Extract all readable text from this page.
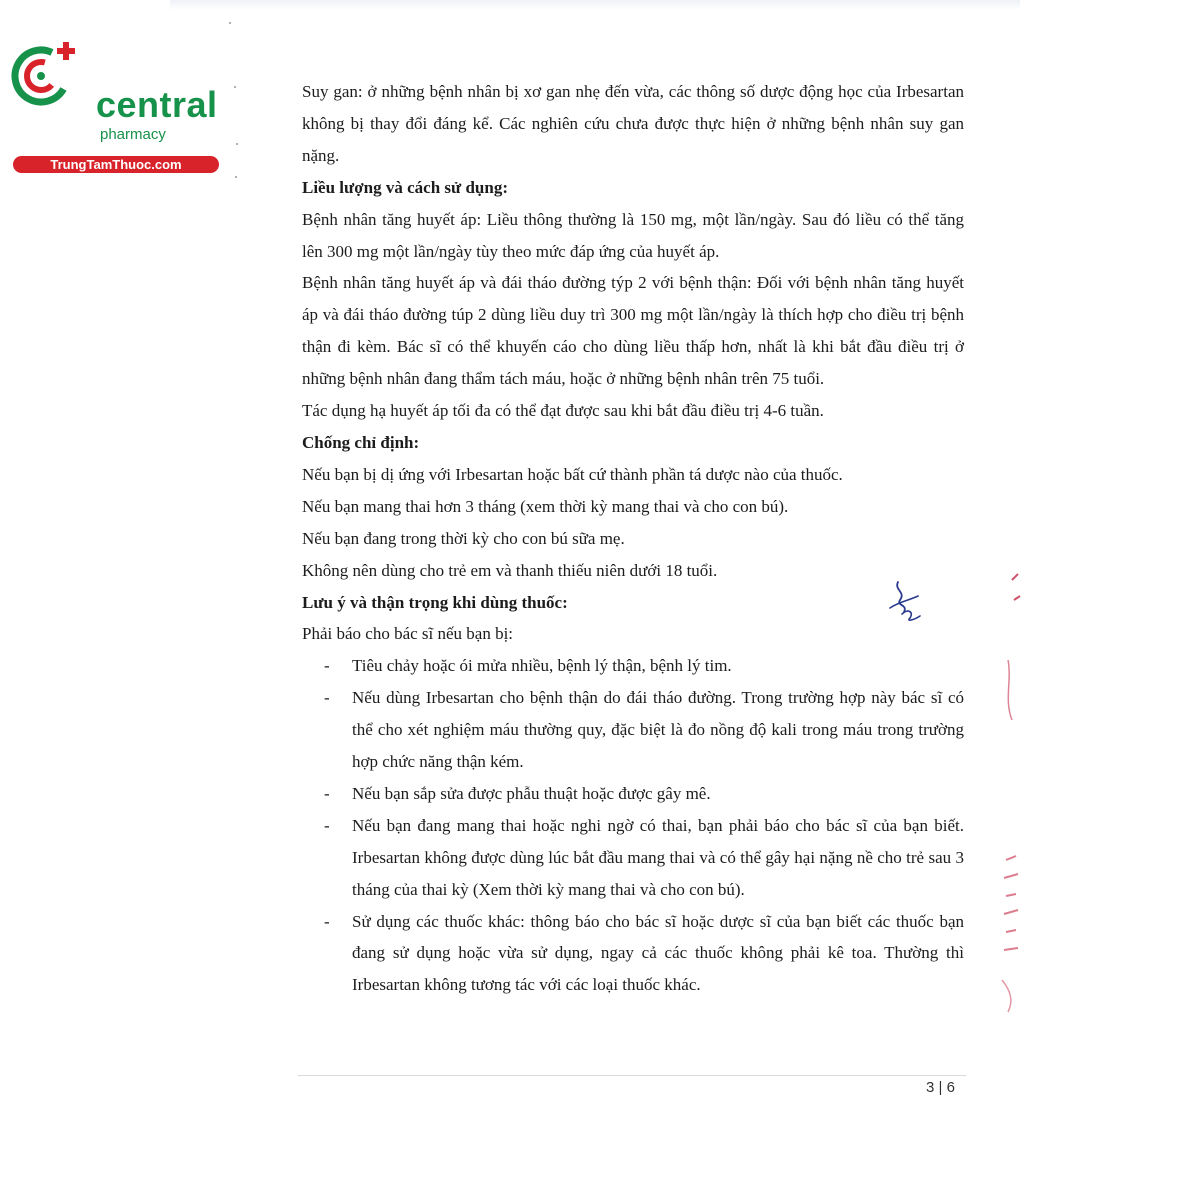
central
pharmacy
TrungTamThuoc.com

Suy gan: ở những bệnh nhân bị xơ gan nhẹ đến vừa, các thông số dược động học của Irbesartan không bị thay đổi đáng kể. Các nghiên cứu chưa được thực hiện ở những bệnh nhân suy gan nặng.

Liều lượng và cách sử dụng:

Bệnh nhân tăng huyết áp: Liều thông thường là 150 mg, một lần/ngày. Sau đó liều có thể tăng lên 300 mg một lần/ngày tùy theo mức đáp ứng của huyết áp.

Bệnh nhân tăng huyết áp và đái tháo đường týp 2 với bệnh thận: Đối với bệnh nhân tăng huyết áp và đái tháo đường túp 2 dùng liều duy trì 300 mg một lần/ngày là thích hợp cho điều trị bệnh thận đi kèm. Bác sĩ có thể khuyến cáo cho dùng liều thấp hơn, nhất là khi bắt đầu điều trị ở những bệnh nhân đang thẩm tách máu, hoặc ở những bệnh nhân trên 75 tuổi.

Tác dụng hạ huyết áp tối đa có thể đạt được sau khi bắt đầu điều trị 4-6 tuần.

Chống chỉ định:

Nếu bạn bị dị ứng với Irbesartan hoặc bất cứ thành phần tá dược nào của thuốc.

Nếu bạn mang thai hơn 3 tháng (xem thời kỳ mang thai và cho con bú).

Nếu bạn đang trong thời kỳ cho con bú sữa mẹ.

Không nên dùng cho trẻ em và thanh thiếu niên dưới 18 tuổi.

Lưu ý và thận trọng khi dùng thuốc:

Phải báo cho bác sĩ nếu bạn bị:

- Tiêu chảy hoặc ói mửa nhiều, bệnh lý thận, bệnh lý tim.
- Nếu dùng Irbesartan cho bệnh thận do đái tháo đường. Trong trường hợp này bác sĩ có thể cho xét nghiệm máu thường quy, đặc biệt là đo nồng độ kali trong máu trong trường hợp chức năng thận kém.
- Nếu bạn sắp sửa được phẫu thuật hoặc được gây mê.
- Nếu bạn đang mang thai hoặc nghi ngờ có thai, bạn phải báo cho bác sĩ của bạn biết. Irbesartan không được dùng lúc bắt đầu mang thai và có thể gây hại nặng nề cho trẻ sau 3 tháng của thai kỳ (Xem thời kỳ mang thai và cho con bú).
- Sử dụng các thuốc khác: thông báo cho bác sĩ hoặc dược sĩ của bạn biết các thuốc bạn đang sử dụng hoặc vừa sử dụng, ngay cả các thuốc không phải kê toa. Thường thì Irbesartan không tương tác với các loại thuốc khác.
3 | 6
